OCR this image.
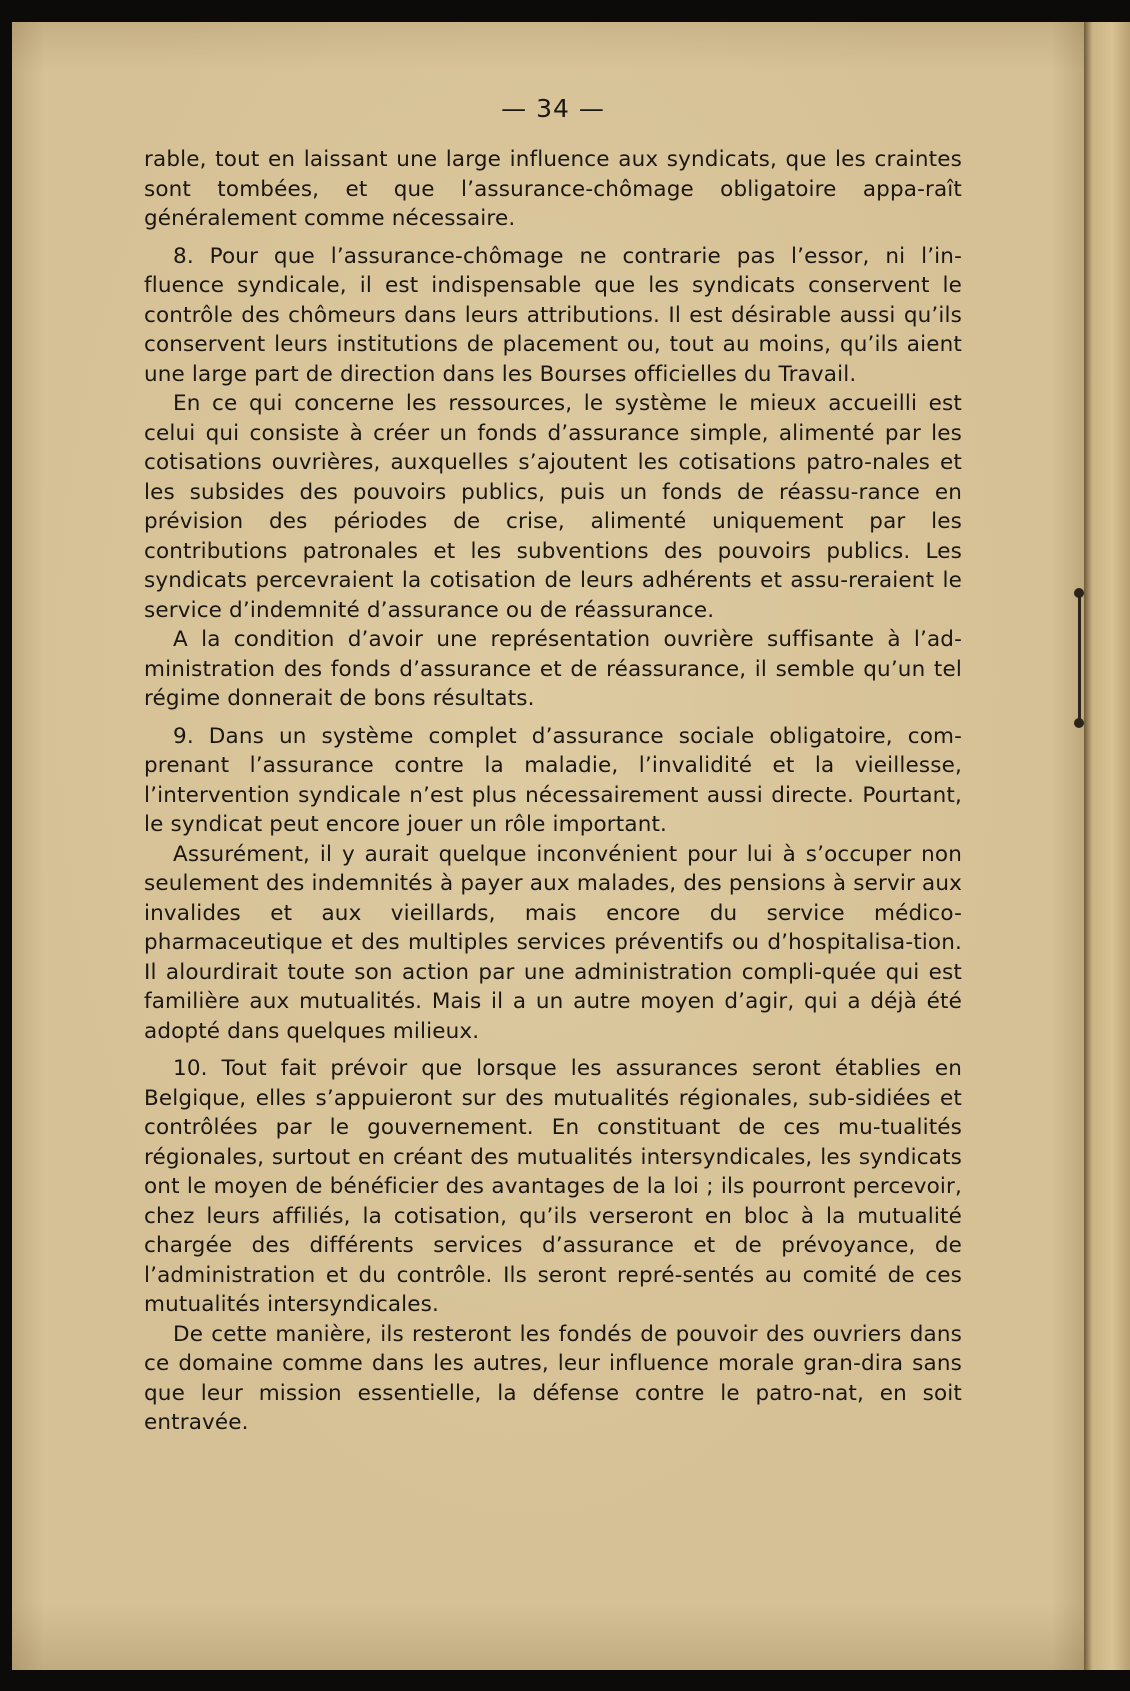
— 34 —

rable, tout en laissant une large influence aux syndicats, que les craintes sont tombées, et que l’assurance-chômage obligatoire appa-raît généralement comme nécessaire.

8. Pour que l’assurance-chômage ne contrarie pas l’essor, ni l’in-fluence syndicale, il est indispensable que les syndicats conservent le contrôle des chômeurs dans leurs attributions. Il est désirable aussi qu’ils conservent leurs institutions de placement ou, tout au moins, qu’ils aient une large part de direction dans les Bourses officielles du Travail.

En ce qui concerne les ressources, le système le mieux accueilli est celui qui consiste à créer un fonds d’assurance simple, alimenté par les cotisations ouvrières, auxquelles s’ajoutent les cotisations patro-nales et les subsides des pouvoirs publics, puis un fonds de réassu-rance en prévision des périodes de crise, alimenté uniquement par les contributions patronales et les subventions des pouvoirs publics. Les syndicats percevraient la cotisation de leurs adhérents et assu-reraient le service d’indemnité d’assurance ou de réassurance.

A la condition d’avoir une représentation ouvrière suffisante à l’ad-ministration des fonds d’assurance et de réassurance, il semble qu’un tel régime donnerait de bons résultats.

9. Dans un système complet d’assurance sociale obligatoire, com-prenant l’assurance contre la maladie, l’invalidité et la vieillesse, l’intervention syndicale n’est plus nécessairement aussi directe. Pourtant, le syndicat peut encore jouer un rôle important.

Assurément, il y aurait quelque inconvénient pour lui à s’occuper non seulement des indemnités à payer aux malades, des pensions à servir aux invalides et aux vieillards, mais encore du service médico-pharmaceutique et des multiples services préventifs ou d’hospitalisa-tion. Il alourdirait toute son action par une administration compli-quée qui est familière aux mutualités. Mais il a un autre moyen d’agir, qui a déjà été adopté dans quelques milieux.

10. Tout fait prévoir que lorsque les assurances seront établies en Belgique, elles s’appuieront sur des mutualités régionales, sub-sidiées et contrôlées par le gouvernement. En constituant de ces mu-tualités régionales, surtout en créant des mutualités intersyndicales, les syndicats ont le moyen de bénéficier des avantages de la loi ; ils pourront percevoir, chez leurs affiliés, la cotisation, qu’ils verseront en bloc à la mutualité chargée des différents services d’assurance et de prévoyance, de l’administration et du contrôle. Ils seront repré-sentés au comité de ces mutualités intersyndicales.

De cette manière, ils resteront les fondés de pouvoir des ouvriers dans ce domaine comme dans les autres, leur influence morale gran-dira sans que leur mission essentielle, la défense contre le patro-nat, en soit entravée.
